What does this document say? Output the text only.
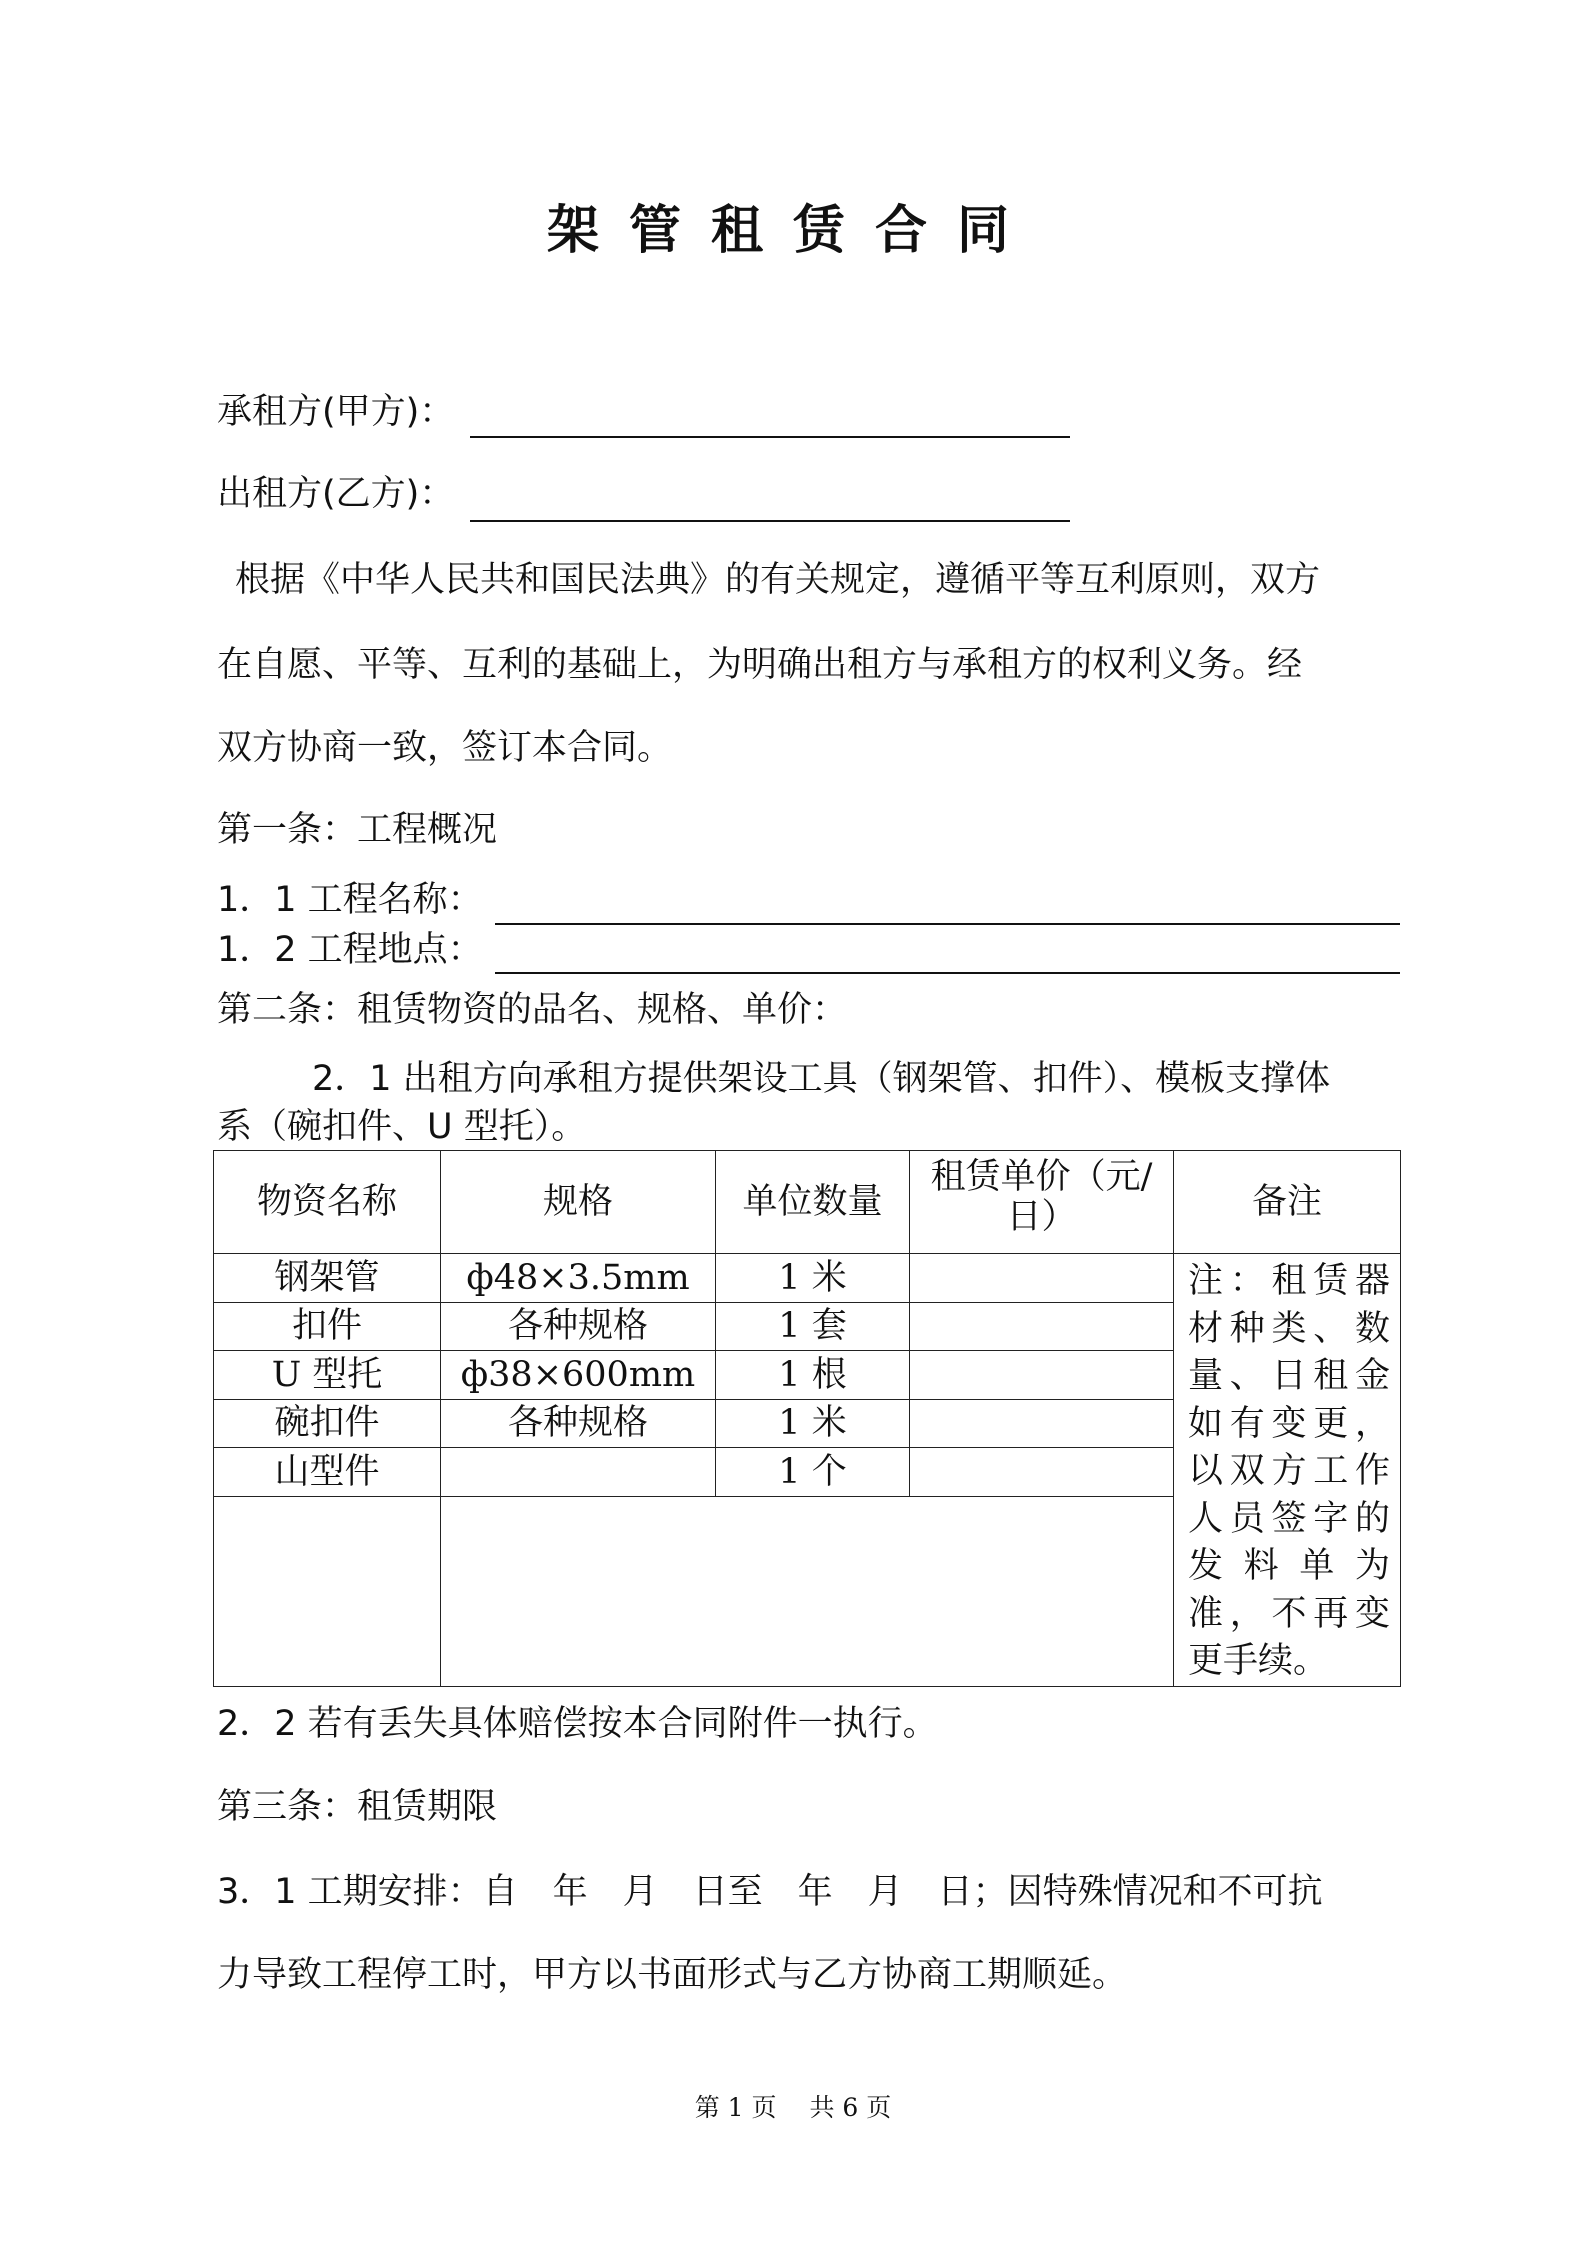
架管租赁合同
承租方(甲方)：
出租方(乙方)：
根据《中华人民共和国民法典》的有关规定，遵循平等互利原则，双方
在自愿、平等、互利的基础上，为明确出租方与承租方的权利义务。经
双方协商一致，签订本合同。
第一条：工程概况
1．1 工程名称：
1．2 工程地点：
第二条：租赁物资的品名、规格、单价：
2．1 出租方向承租方提供架设工具（钢架管、扣件）、模板支撑体
系（碗扣件、U 型托）。
物资名称	规格	单位数量	租赁单价（元/日）	备注
钢架管	ф48×3.5mm	1 米		注：租赁器材种类、数量、日租金如有变更，以双方工作人员签字的发料单为准，不再变更手续。
扣件	各种规格	1 套		
U 型托	ф38×600mm	1 根		
碗扣件	各种规格	1 米		
山型件		1 个		

2．2 若有丢失具体赔偿按本合同附件一执行。
第三条：租赁期限
3．1 工期安排：自　年　月　日至　年　月　日；因特殊情况和不可抗
力导致工程停工时，甲方以书面形式与乙方协商工期顺延。
第 1 页　 共 6 页
